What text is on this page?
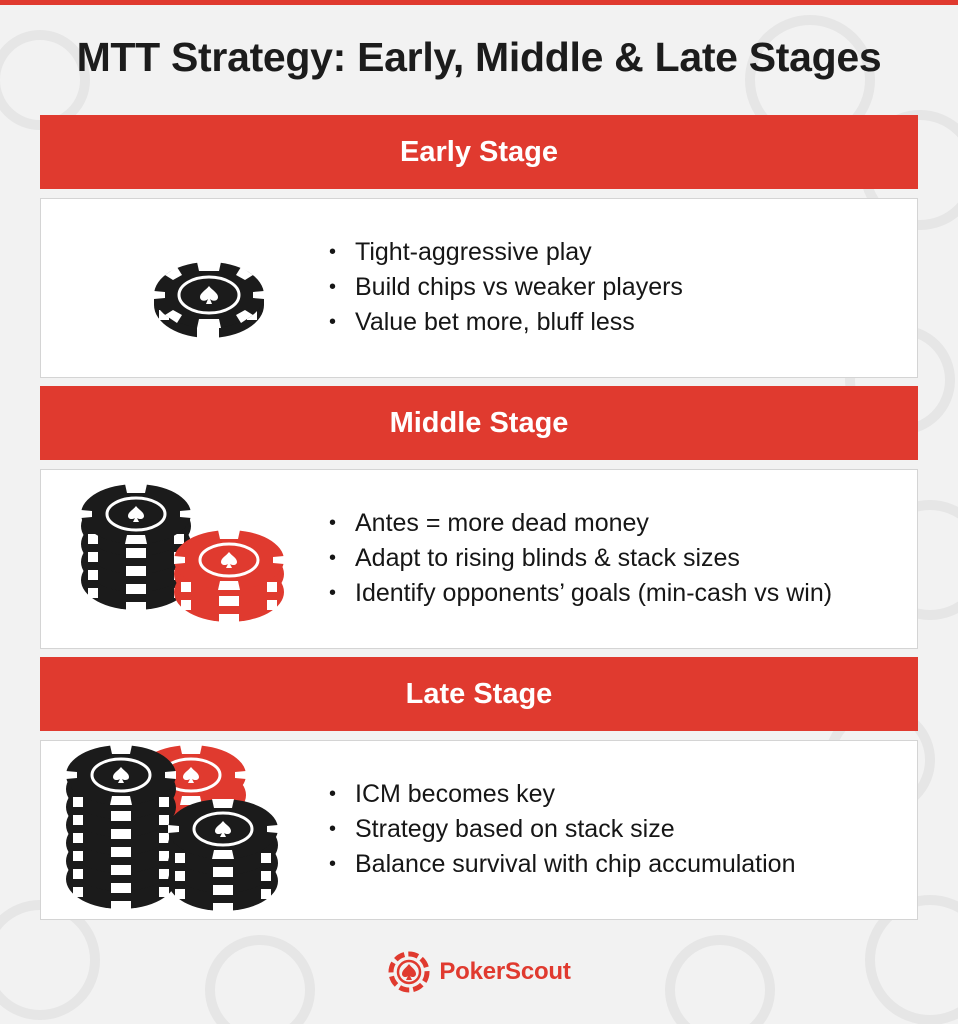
MTT Strategy: Early, Middle & Late Stages
Early Stage
• Tight-aggressive play
• Build chips vs weaker players
• Value bet more, bluff less
Middle Stage
• Antes = more dead money
• Adapt to rising blinds & stack sizes
• Identify opponents’ goals (min-cash vs win)
Late Stage
• ICM becomes key
• Strategy based on stack size
• Balance survival with chip accumulation
PokerScout
